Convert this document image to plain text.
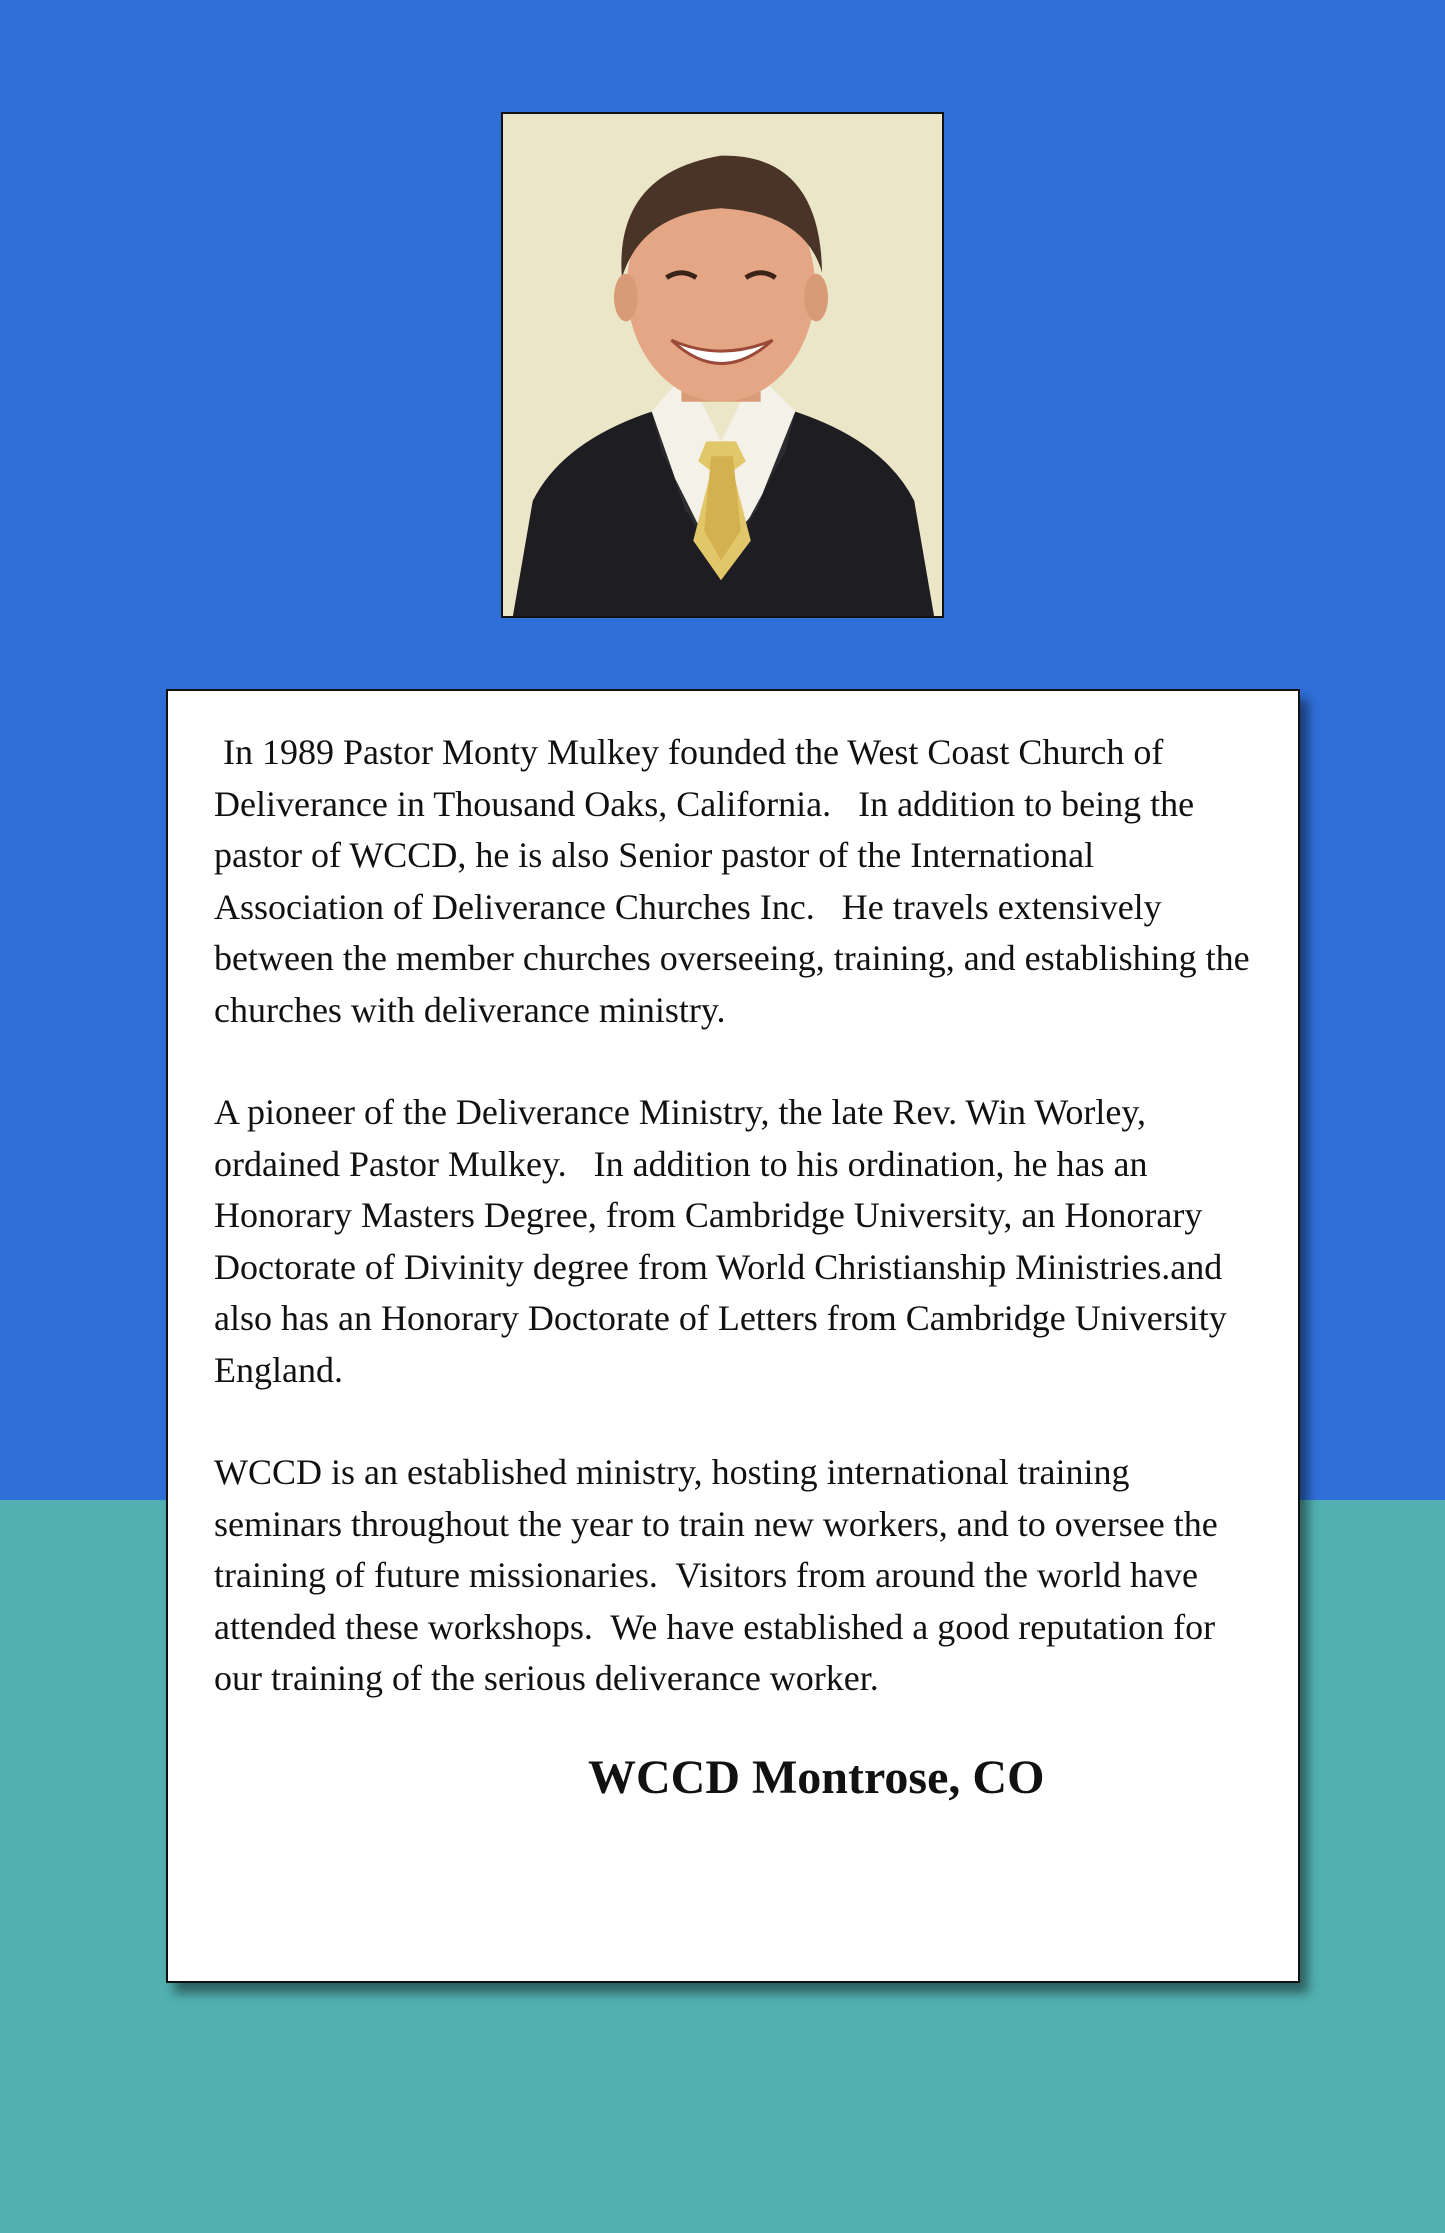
In 1989 Pastor Monty Mulkey founded the West Coast Church of Deliverance in Thousand Oaks, California.   In addition to being the pastor of WCCD, he is also Senior pastor of the International Association of Deliverance Churches Inc.   He travels extensively between the member churches overseeing, training, and establishing the churches with deliverance ministry.

A pioneer of the Deliverance Ministry, the late Rev. Win Worley, ordained Pastor Mulkey.   In addition to his ordination, he has an Honorary Masters Degree, from Cambridge University, an Honorary Doctorate of Divinity degree from World Christianship Ministries.and also has an Honorary Doctorate of Letters from Cambridge University England.

WCCD is an established ministry, hosting international training seminars throughout the year to train new workers, and to oversee the training of future missionaries.  Visitors from around the world have attended these workshops.  We have established a good reputation for our training of the serious deliverance worker.

WCCD Montrose, CO
